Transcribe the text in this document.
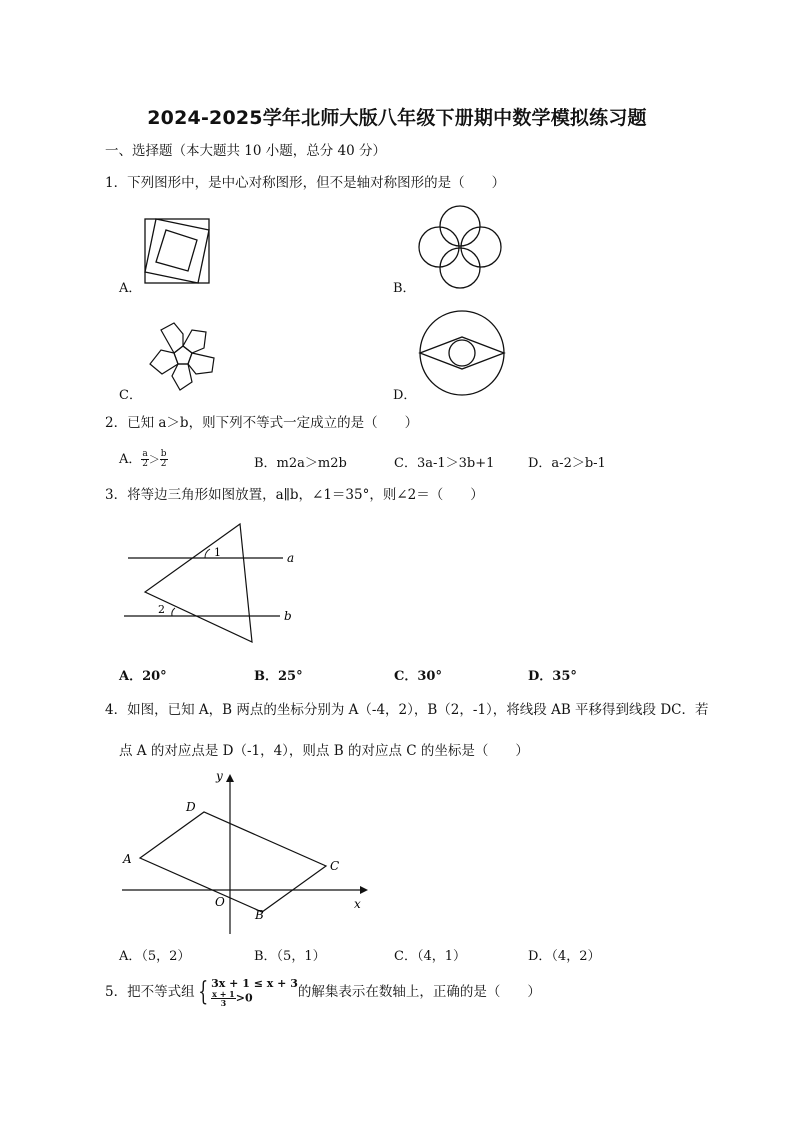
2024-2025学年北师大版八年级下册期中数学模拟练习题
一、选择题（本大题共 10 小题，总分 40 分）
1．下列图形中，是中心对称图形，但不是轴对称图形的是（　　）
A．	B．
C．	D．
2．已知 a＞b，则下列不等式一定成立的是（　　）
A． $\frac{a}{2} > \frac{b}{2}$	B．m2a＞m2b	C．3a-1＞3b+1	D．a-2＞b-1
3．将等边三角形如图放置，a∥b，∠1＝35°，则∠2＝（　　）
1
2
a
b
A．20°	B．25°	C．30°	D．35°
4．如图，已知 A，B 两点的坐标分别为 A（-4，2），B（2，-1），将线段 AB 平移得到线段 DC．若
点 A 的对应点是 D（-1，4），则点 B 的对应点 C 的坐标是（　　）
y
x
O
A
D
C
B
A．（5，2）	B．（5，1）	C．（4，1）	D．（4，2）
5．把不等式组 { 3x + 1 ≤ x + 3
$\frac{x + 1}{3} >0$	的解集表示在数轴上，正确的是（　　）
